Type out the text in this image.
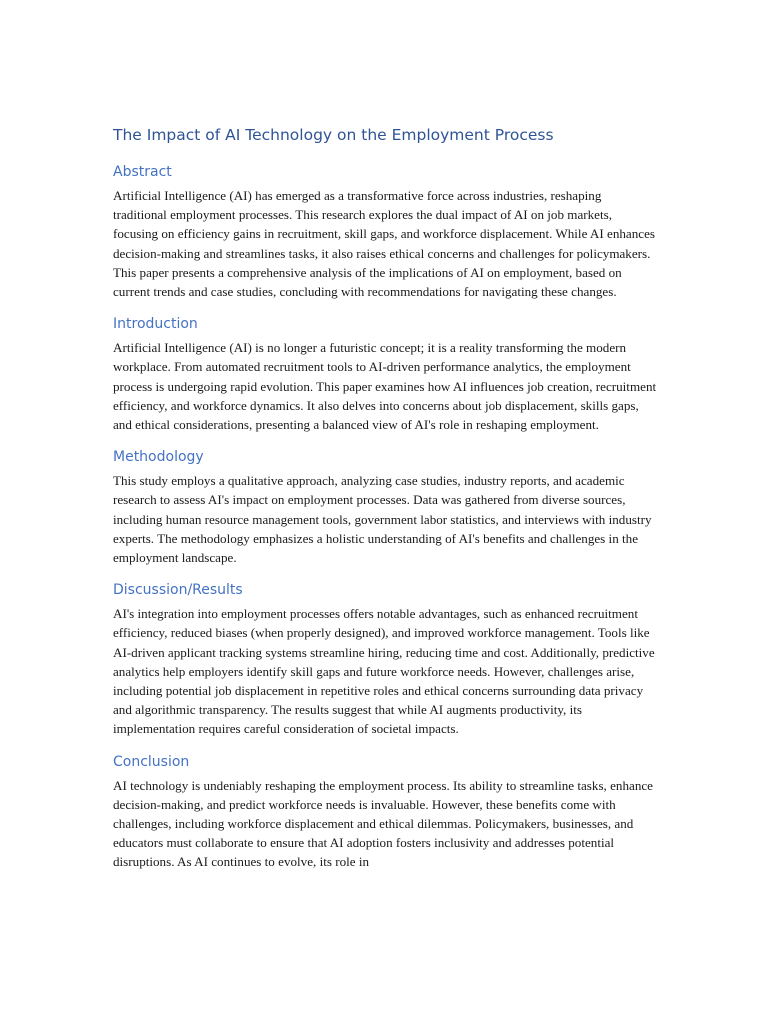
The Impact of AI Technology on the Employment Process
Abstract

Artificial Intelligence (AI) has emerged as a transformative force across industries, reshaping traditional employment processes. This research explores the dual impact of AI on job markets, focusing on efficiency gains in recruitment, skill gaps, and workforce displacement. While AI enhances decision-making and streamlines tasks, it also raises ethical concerns and challenges for policymakers. This paper presents a comprehensive analysis of the implications of AI on employment, based on current trends and case studies, concluding with recommendations for navigating these changes.

Introduction

Artificial Intelligence (AI) is no longer a futuristic concept; it is a reality transforming the modern workplace. From automated recruitment tools to AI-driven performance analytics, the employment process is undergoing rapid evolution. This paper examines how AI influences job creation, recruitment efficiency, and workforce dynamics. It also delves into concerns about job displacement, skills gaps, and ethical considerations, presenting a balanced view of AI's role in reshaping employment.

Methodology

This study employs a qualitative approach, analyzing case studies, industry reports, and academic research to assess AI's impact on employment processes. Data was gathered from diverse sources, including human resource management tools, government labor statistics, and interviews with industry experts. The methodology emphasizes a holistic understanding of AI's benefits and challenges in the employment landscape.

Discussion/Results

AI's integration into employment processes offers notable advantages, such as enhanced recruitment efficiency, reduced biases (when properly designed), and improved workforce management. Tools like AI-driven applicant tracking systems streamline hiring, reducing time and cost. Additionally, predictive analytics help employers identify skill gaps and future workforce needs. However, challenges arise, including potential job displacement in repetitive roles and ethical concerns surrounding data privacy and algorithmic transparency. The results suggest that while AI augments productivity, its implementation requires careful consideration of societal impacts.

Conclusion

AI technology is undeniably reshaping the employment process. Its ability to streamline tasks, enhance decision-making, and predict workforce needs is invaluable. However, these benefits come with challenges, including workforce displacement and ethical dilemmas. Policymakers, businesses, and educators must collaborate to ensure that AI adoption fosters inclusivity and addresses potential disruptions. As AI continues to evolve, its role in
